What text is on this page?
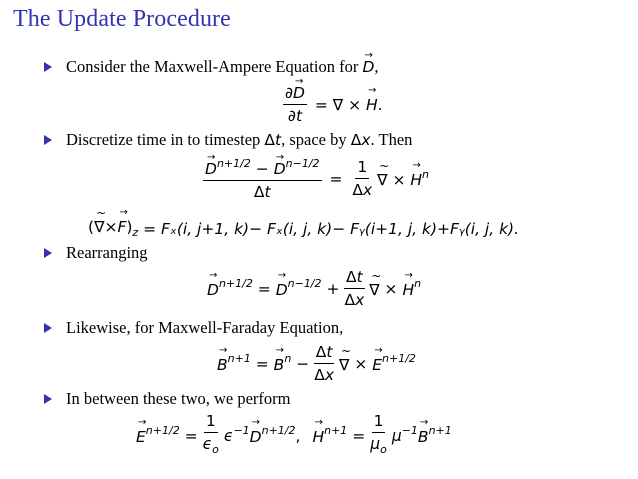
The Update Procedure
Consider the Maxwell-Ampere Equation for → D,
$\frac{\partial\to D}{\partial t}$ = ∇ × → H.
Discretize time in to timestep Δt, space by Δx. Then
→ $\frac{D^{n+1/2} - \to D^{n-1/2}}{\Delta t} = \frac{1}{\Delta x}$ ~ ∇ × → $H^n$
(~ ∇×→ $F)_z = F_x(i$, j+1, k)− Fₓ(i, j, k)− Fᵧ(i+1, j, k)+Fᵧ(i, j, k).
Rearranging
→ $D^{n+1/2}$ = → $D^{n-1/2} + \frac{\Delta t}{\Delta x}$ ~ ∇ × → $H^n$
Likewise, for Maxwell-Faraday Equation,
→ $B^{n+1}$ = → $B^n - \frac{\Delta t}{\Delta x}$ ~ ∇ × → $E^{n+1/2}$
In between these two, we perform
→ $E^{n+1/2} = \frac{1}{\epsilon_o} \epsilon^{-1}\to D^{n+1/2}$, → $H^{n+1} = \frac{1}{\mu_o} \mu^{-1}\to B^{n+1}$
